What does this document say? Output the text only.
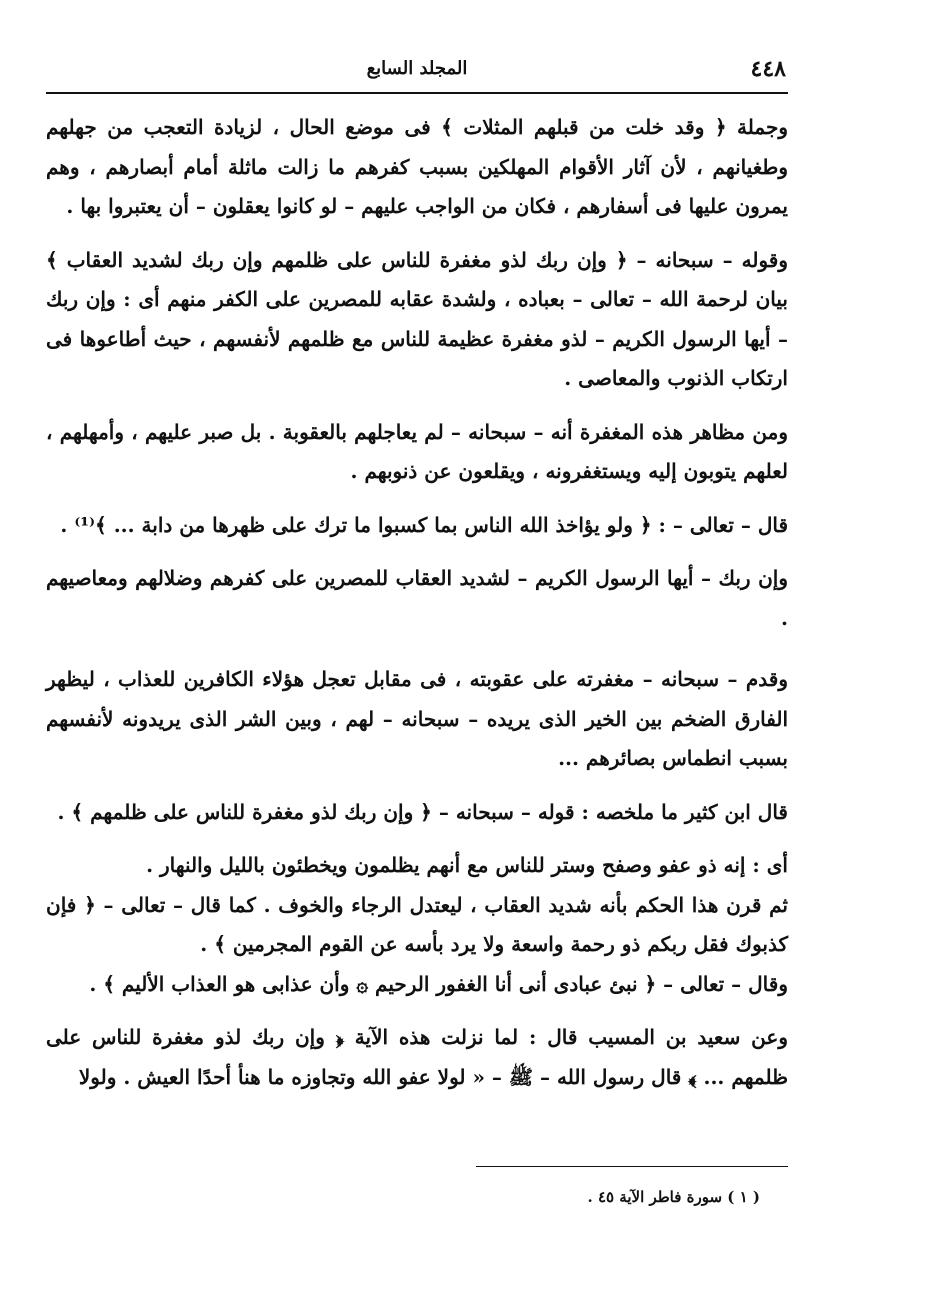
٤٤٨
المجلد السابع

وجملة ﴿ وقد خلت من قبلهم المثلات ﴾ فى موضع الحال ، لزيادة التعجب من جهلهم وطغيانهم ، لأن آثار الأقوام المهلكين بسبب كفرهم ما زالت ماثلة أمام أبصارهم ، وهم يمرون عليها فى أسفارهم ، فكان من الواجب عليهم – لو كانوا يعقلون – أن يعتبروا بها .

وقوله – سبحانه – ﴿ وإن ربك لذو مغفرة للناس على ظلمهم وإن ربك لشديد العقاب ﴾ بيان لرحمة الله – تعالى – بعباده ، ولشدة عقابه للمصرين على الكفر منهم أى : وإن ربك – أيها الرسول الكريم – لذو مغفرة عظيمة للناس مع ظلمهم لأنفسهم ، حيث أطاعوها فى ارتكاب الذنوب والمعاصى .

ومن مظاهر هذه المغفرة أنه – سبحانه – لم يعاجلهم بالعقوبة . بل صبر عليهم ، وأمهلهم ، لعلهم يتوبون إليه ويستغفرونه ، ويقلعون عن ذنوبهم .

قال – تعالى – : ﴿ ولو يؤاخذ الله الناس بما كسبوا ما ترك على ظهرها من دابة ... ﴾⁽¹⁾ .

وإن ربك – أيها الرسول الكريم – لشديد العقاب للمصرين على كفرهم وضلالهم ومعاصيهم .

وقدم – سبحانه – مغفرته على عقوبته ، فى مقابل تعجل هؤلاء الكافرين للعذاب ، ليظهر الفارق الضخم بين الخير الذى يريده – سبحانه – لهم ، وبين الشر الذى يريدونه لأنفسهم بسبب انطماس بصائرهم ...

قال ابن كثير ما ملخصه : قوله – سبحانه – ﴿ وإن ربك لذو مغفرة للناس على ظلمهم ﴾ .

أى : إنه ذو عفو وصفح وستر للناس مع أنهم يظلمون ويخطئون بالليل والنهار .

ثم قرن هذا الحكم بأنه شديد العقاب ، ليعتدل الرجاء والخوف . كما قال – تعالى – ﴿ فإن كذبوك فقل ربكم ذو رحمة واسعة ولا يرد بأسه عن القوم المجرمين ﴾ .

وقال – تعالى – ﴿ نبئ عبادى أنى أنا الغفور الرحيم ۞ وأن عذابى هو العذاب الأليم ﴾ .

وعن سعيد بن المسيب قال : لما نزلت هذه الآية ﴿ وإن ربك لذو مغفرة للناس على ظلمهم ... ﴾ قال رسول الله – ﷺ – « لولا عفو الله وتجاوزه ما هنأ أحدًا العيش . ولولا

( ١ ) سورة فاطر الآية ٤٥ .
